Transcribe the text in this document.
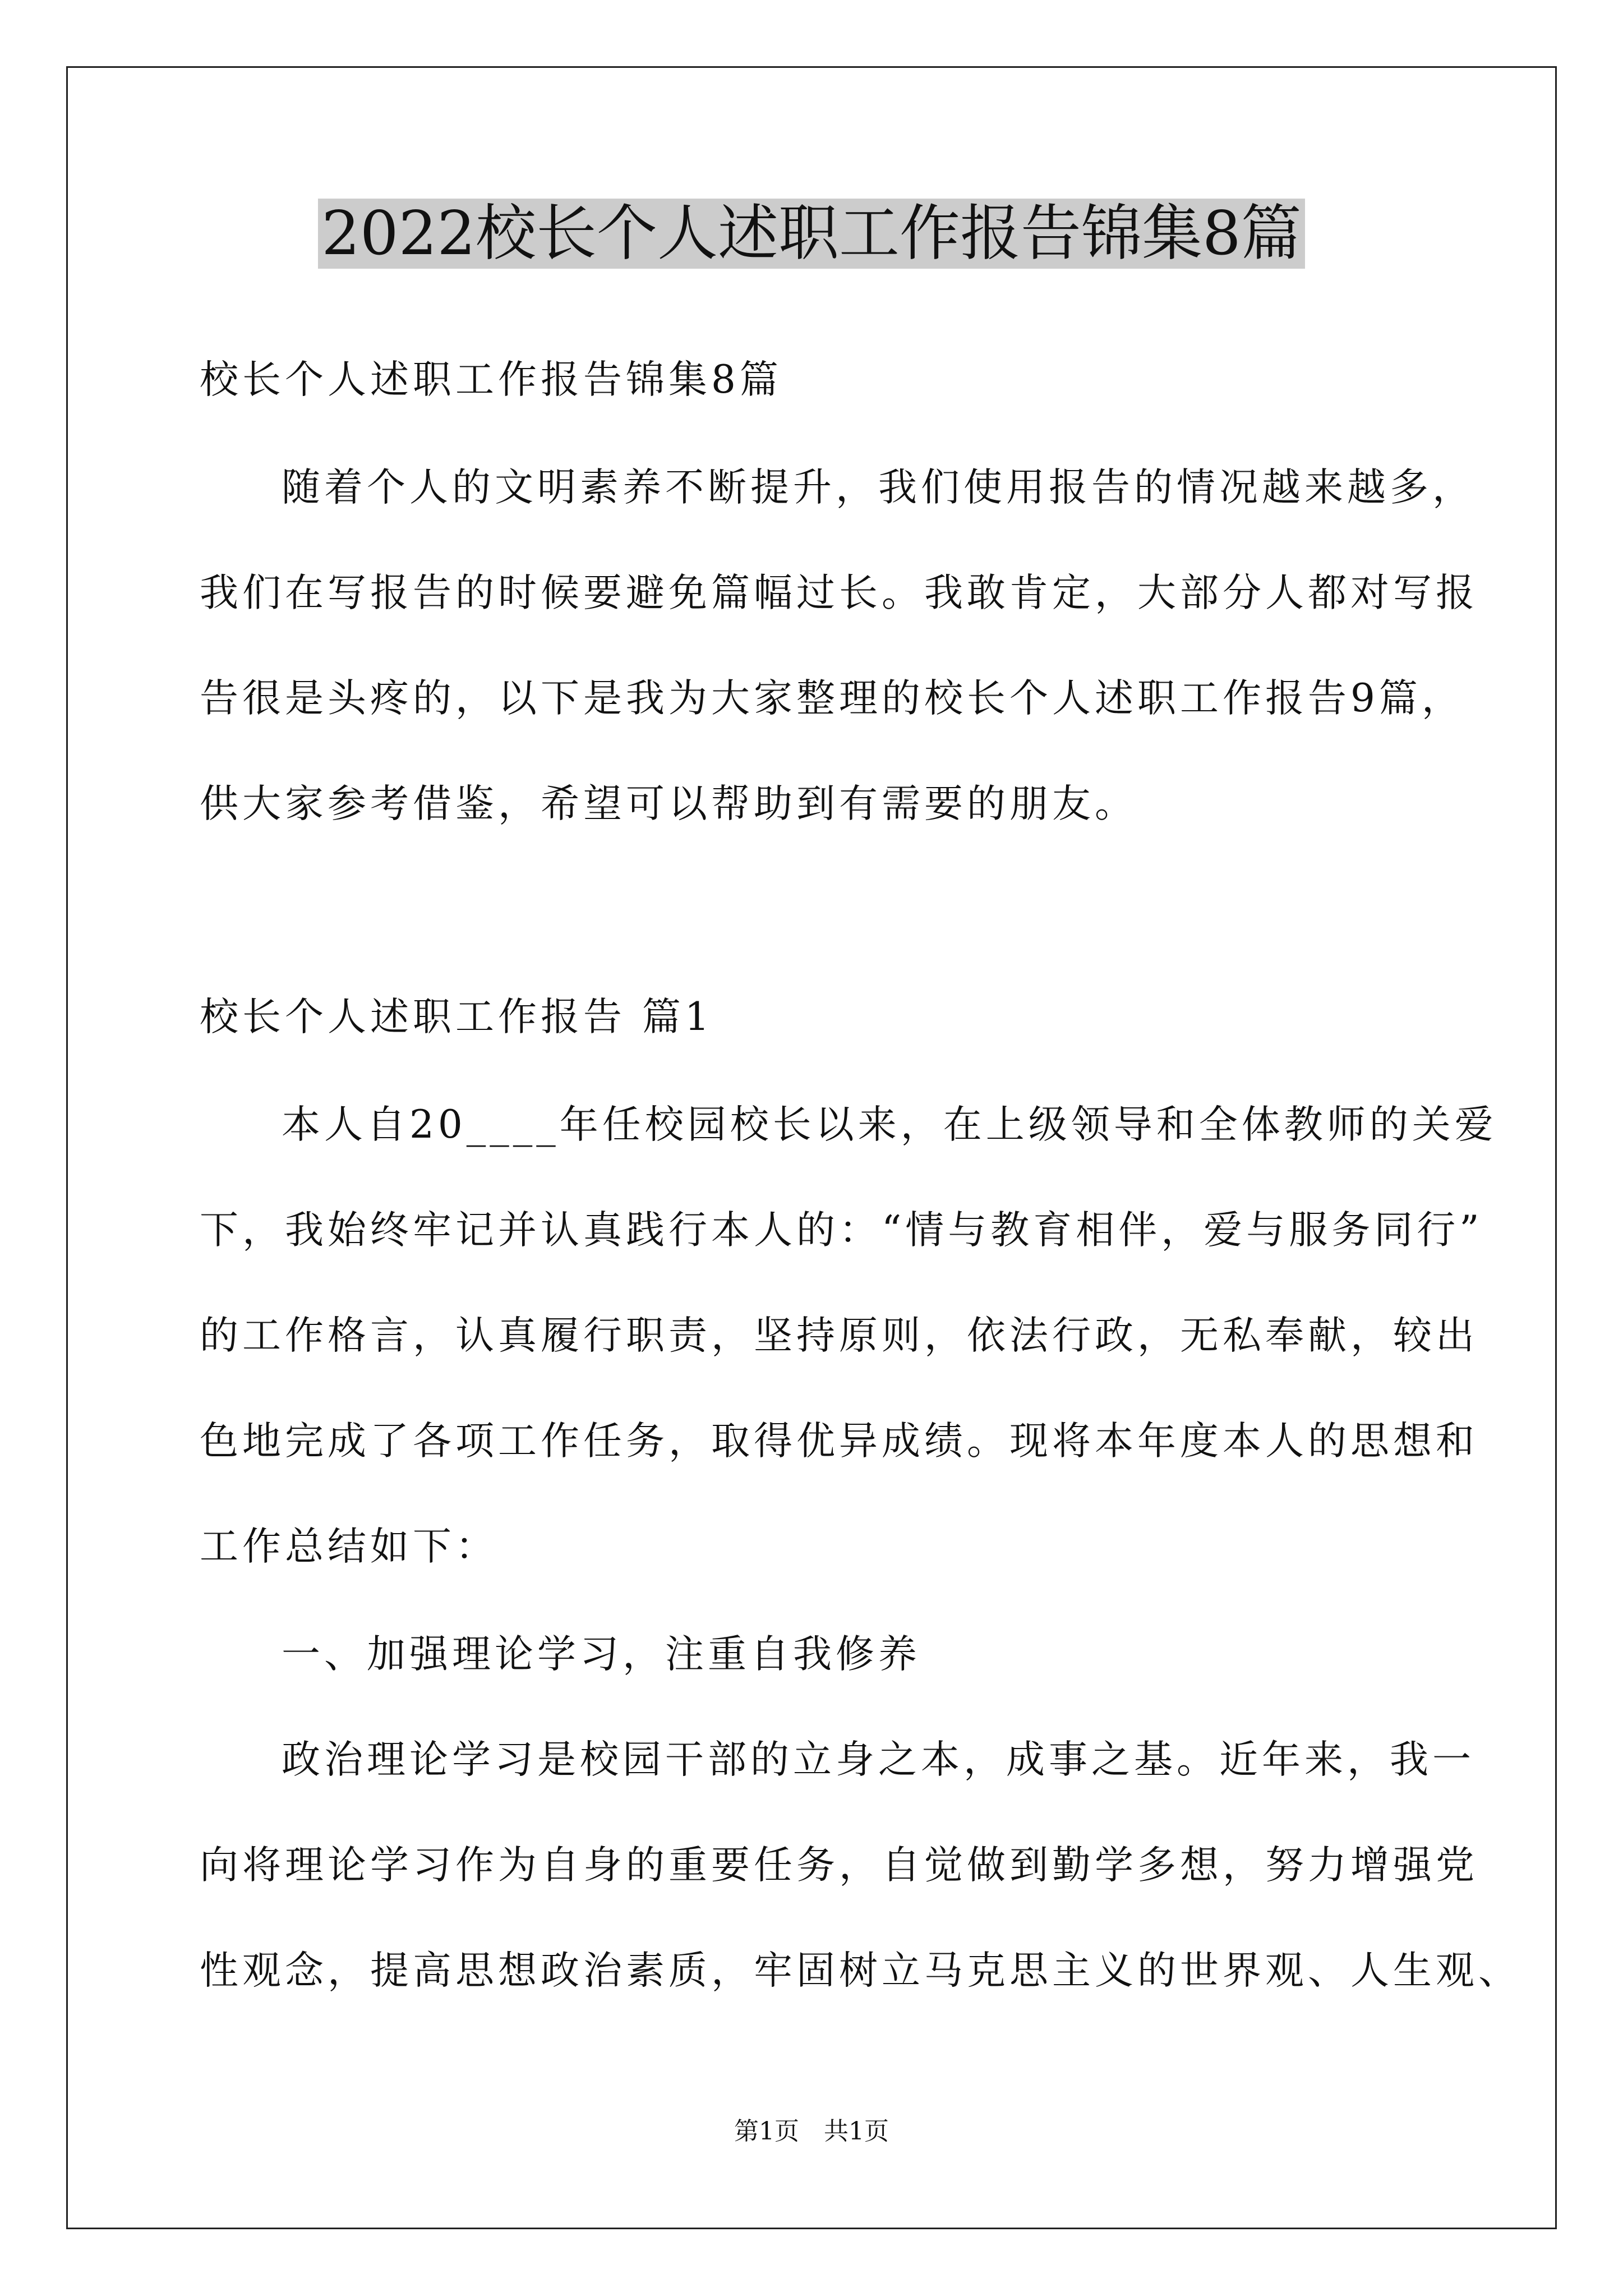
2022校长个人述职工作报告锦集8篇
校长个人述职工作报告锦集8篇
随着个人的文明素养不断提升，我们使用报告的情况越来越多，
我们在写报告的时候要避免篇幅过长。我敢肯定，大部分人都对写报
告很是头疼的，以下是我为大家整理的校长个人述职工作报告9篇，
供大家参考借鉴，希望可以帮助到有需要的朋友。
校长个人述职工作报告 篇1
本人自20____年任校园校长以来，在上级领导和全体教师的关爱
下，我始终牢记并认真践行本人的：“情与教育相伴，爱与服务同行”
的工作格言，认真履行职责，坚持原则，依法行政，无私奉献，较出
色地完成了各项工作任务，取得优异成绩。现将本年度本人的思想和
工作总结如下：
一、加强理论学习，注重自我修养
政治理论学习是校园干部的立身之本，成事之基。近年来，我一
向将理论学习作为自身的重要任务，自觉做到勤学多想，努力增强党
性观念，提高思想政治素质，牢固树立马克思主义的世界观、人生观、
第1页　共1页
